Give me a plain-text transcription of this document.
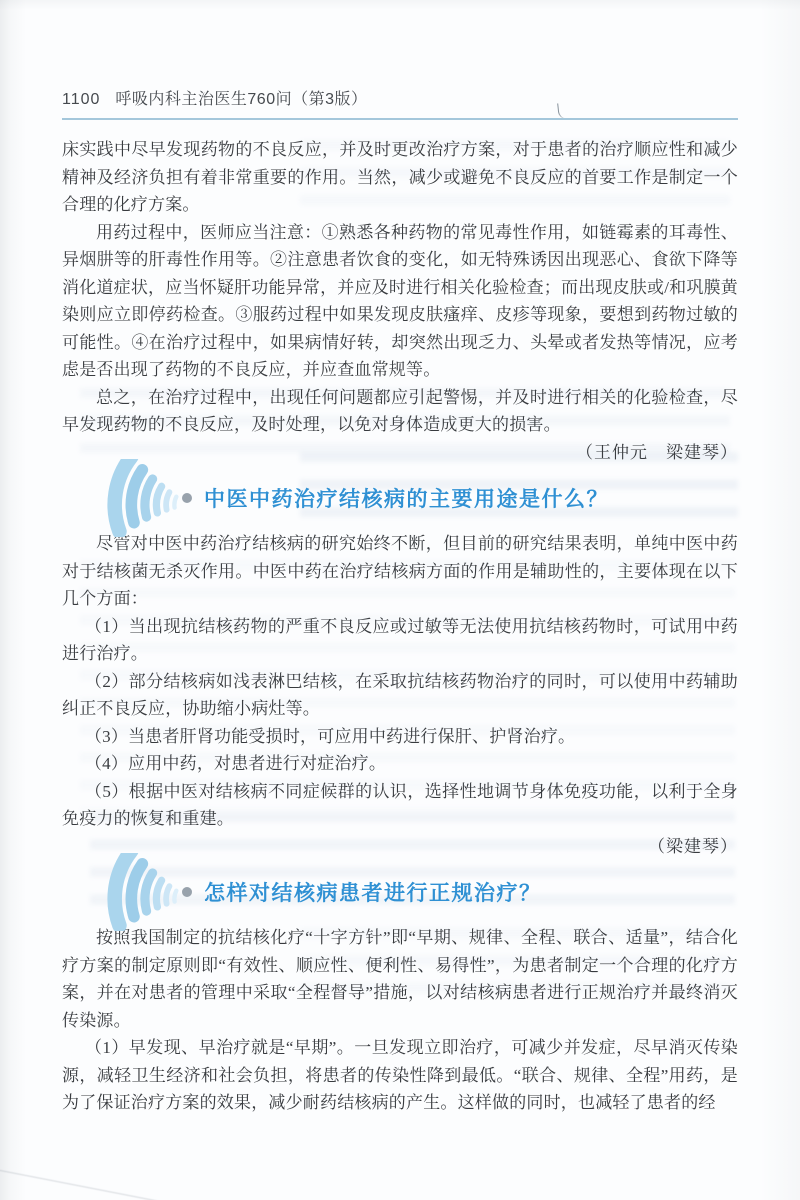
1100 呼吸内科主治医生760问（第3版）

床实践中尽早发现药物的不良反应，并及时更改治疗方案，对于患者的治疗顺应性和减少精神及经济负担有着非常重要的作用。当然，减少或避免不良反应的首要工作是制定一个合理的化疗方案。

用药过程中，医师应当注意：①熟悉各种药物的常见毒性作用，如链霉素的耳毒性、异烟肼等的肝毒性作用等。②注意患者饮食的变化，如无特殊诱因出现恶心、食欲下降等消化道症状，应当怀疑肝功能异常，并应及时进行相关化验检查；而出现皮肤或/和巩膜黄染则应立即停药检查。③服药过程中如果发现皮肤瘙痒、皮疹等现象，要想到药物过敏的可能性。④在治疗过程中，如果病情好转，却突然出现乏力、头晕或者发热等情况，应考虑是否出现了药物的不良反应，并应查血常规等。

总之，在治疗过程中，出现任何问题都应引起警惕，并及时进行相关的化验检查，尽早发现药物的不良反应，及时处理，以免对身体造成更大的损害。

（王仲元　梁建琴）

中医中药治疗结核病的主要用途是什么？

尽管对中医中药治疗结核病的研究始终不断，但目前的研究结果表明，单纯中医中药对于结核菌无杀灭作用。中医中药在治疗结核病方面的作用是辅助性的，主要体现在以下几个方面：

（1）当出现抗结核药物的严重不良反应或过敏等无法使用抗结核药物时，可试用中药进行治疗。

（2）部分结核病如浅表淋巴结核，在采取抗结核药物治疗的同时，可以使用中药辅助纠正不良反应，协助缩小病灶等。

（3）当患者肝肾功能受损时，可应用中药进行保肝、护肾治疗。

（4）应用中药，对患者进行对症治疗。

（5）根据中医对结核病不同症候群的认识，选择性地调节身体免疫功能，以利于全身免疫力的恢复和重建。

（梁建琴）

怎样对结核病患者进行正规治疗？

按照我国制定的抗结核化疗“十字方针”即“早期、规律、全程、联合、适量”，结合化疗方案的制定原则即“有效性、顺应性、便利性、易得性”，为患者制定一个合理的化疗方案，并在对患者的管理中采取“全程督导”措施，以对结核病患者进行正规治疗并最终消灭传染源。

（1）早发现、早治疗就是“早期”。一旦发现立即治疗，可减少并发症，尽早消灭传染源，减轻卫生经济和社会负担，将患者的传染性降到最低。“联合、规律、全程”用药，是为了保证治疗方案的效果，减少耐药结核病的产生。这样做的同时，也减轻了患者的经
